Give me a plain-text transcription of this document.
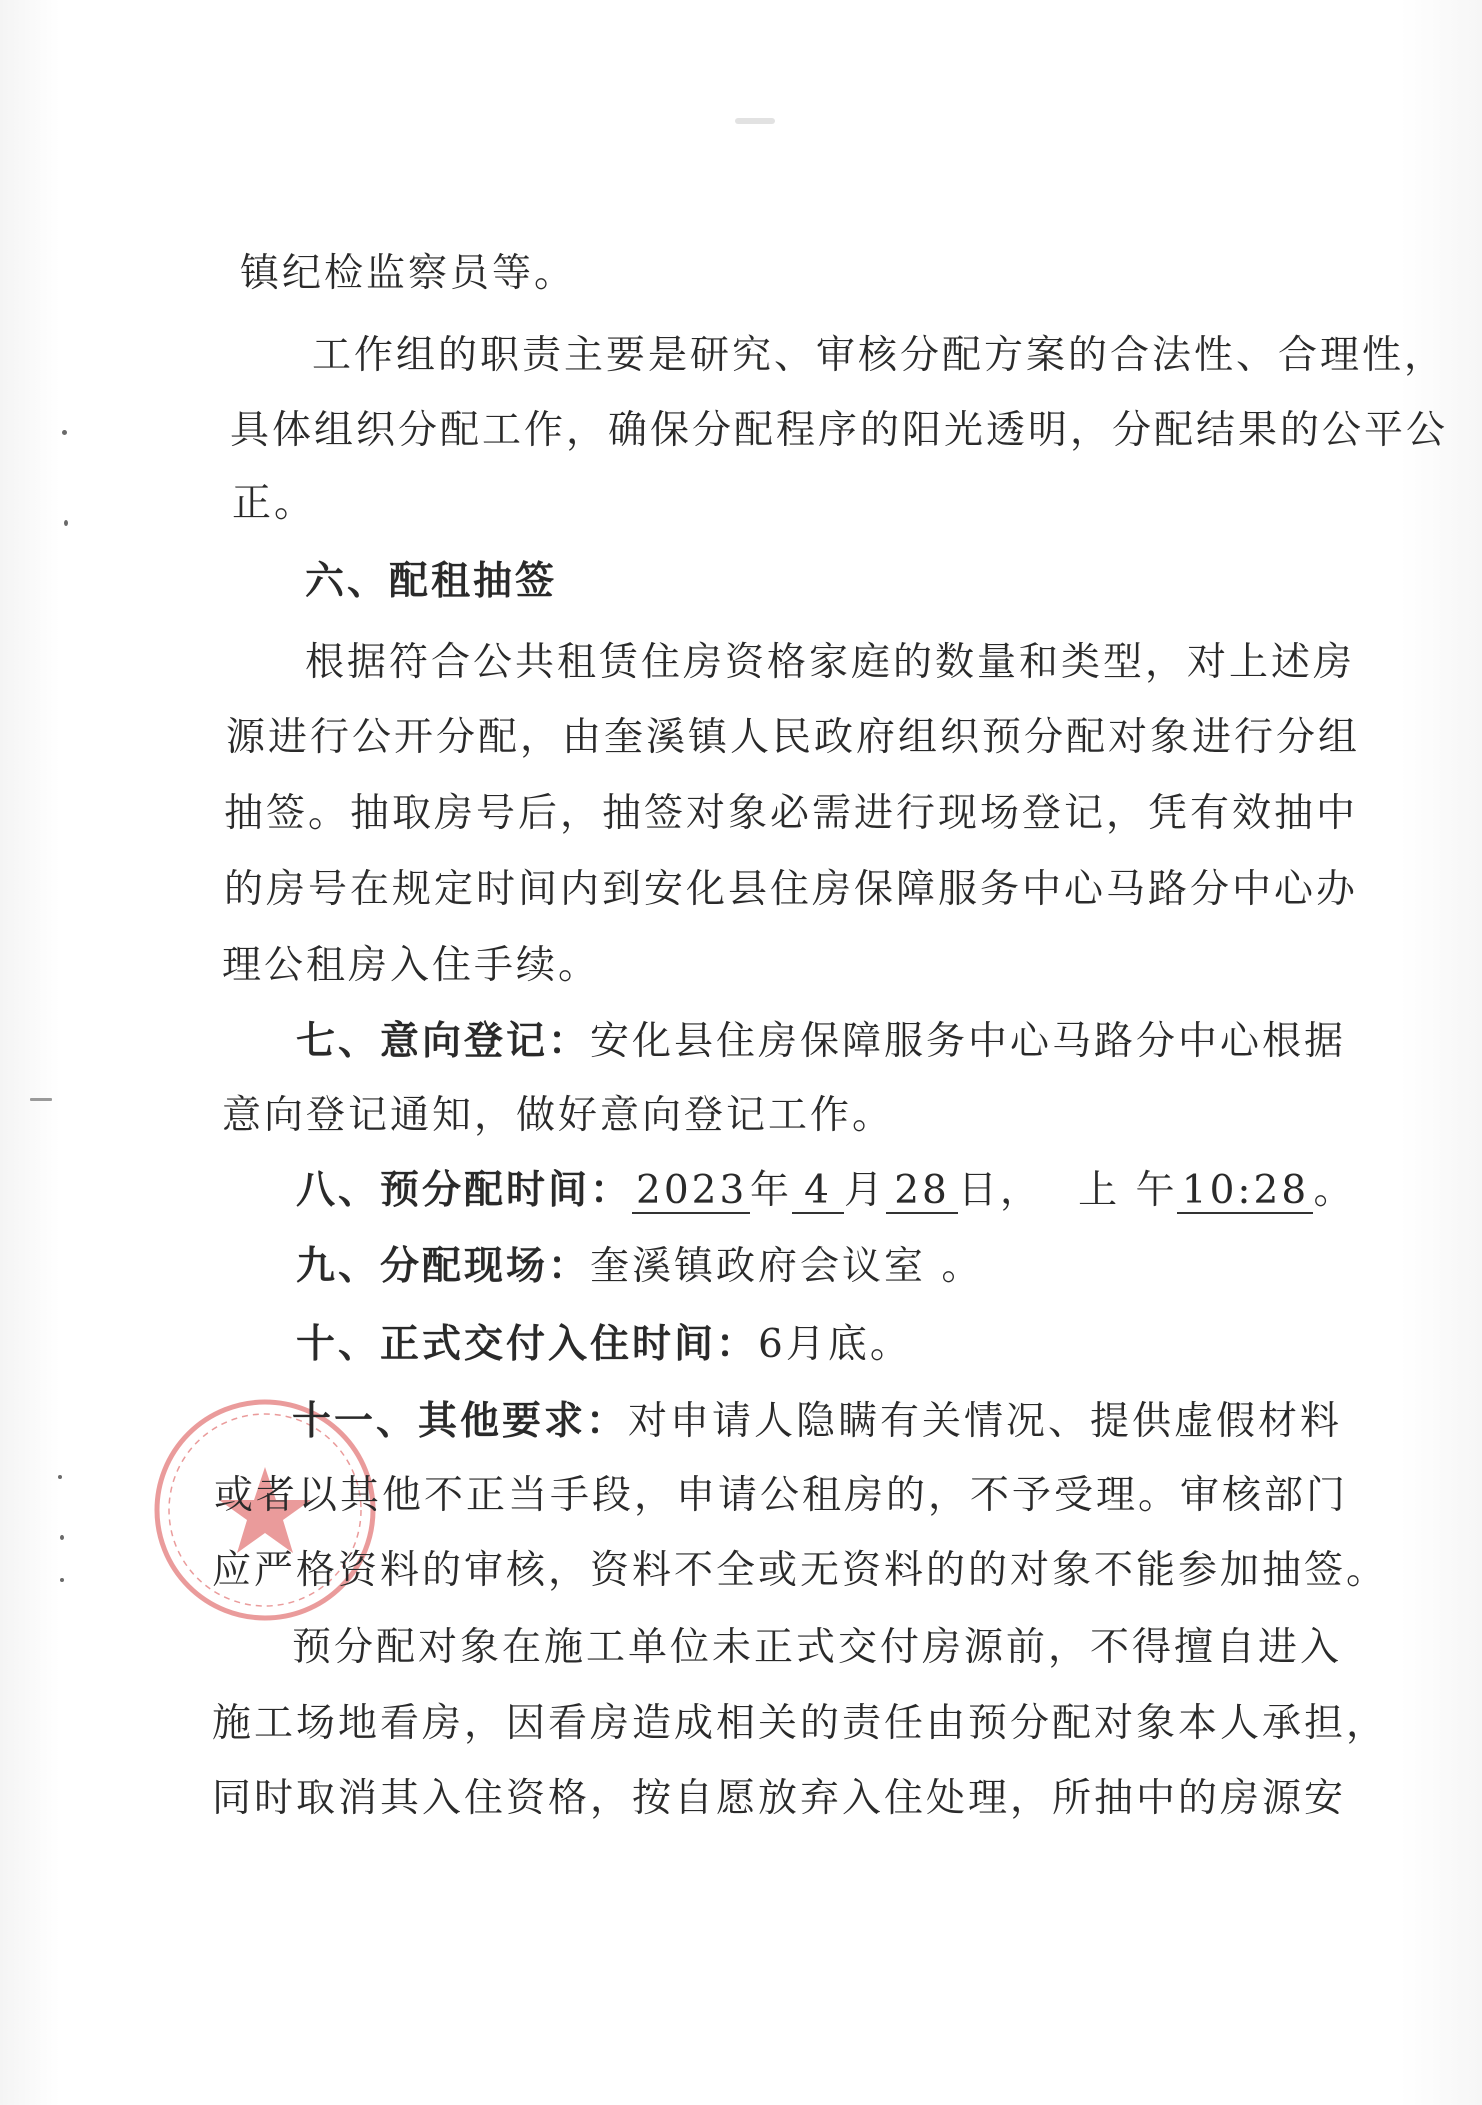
镇纪检监察员等。
工作组的职责主要是研究、审核分配方案的合法性、合理性，
具体组织分配工作，确保分配程序的阳光透明，分配结果的公平公
正。
六、配租抽签
根据符合公共租赁住房资格家庭的数量和类型，对上述房
源进行公开分配，由奎溪镇人民政府组织预分配对象进行分组
抽签。抽取房号后，抽签对象必需进行现场登记，凭有效抽中
的房号在规定时间内到安化县住房保障服务中心马路分中心办
理公租房入住手续。
七、意向登记：安化县住房保障服务中心马路分中心根据
意向登记通知，做好意向登记工作。
八、预分配时间： 2023年 4 月 28 日， 上 午 10:28 。
九、分配现场：奎溪镇政府会议室 。
十、正式交付入住时间：6月底。
十一、其他要求：对申请人隐瞒有关情况、提供虚假材料
或者以其他不正当手段，申请公租房的，不予受理。审核部门
应严格资料的审核，资料不全或无资料的的对象不能参加抽签。
预分配对象在施工单位未正式交付房源前，不得擅自进入
施工场地看房，因看房造成相关的责任由预分配对象本人承担，
同时取消其入住资格，按自愿放弃入住处理，所抽中的房源安
